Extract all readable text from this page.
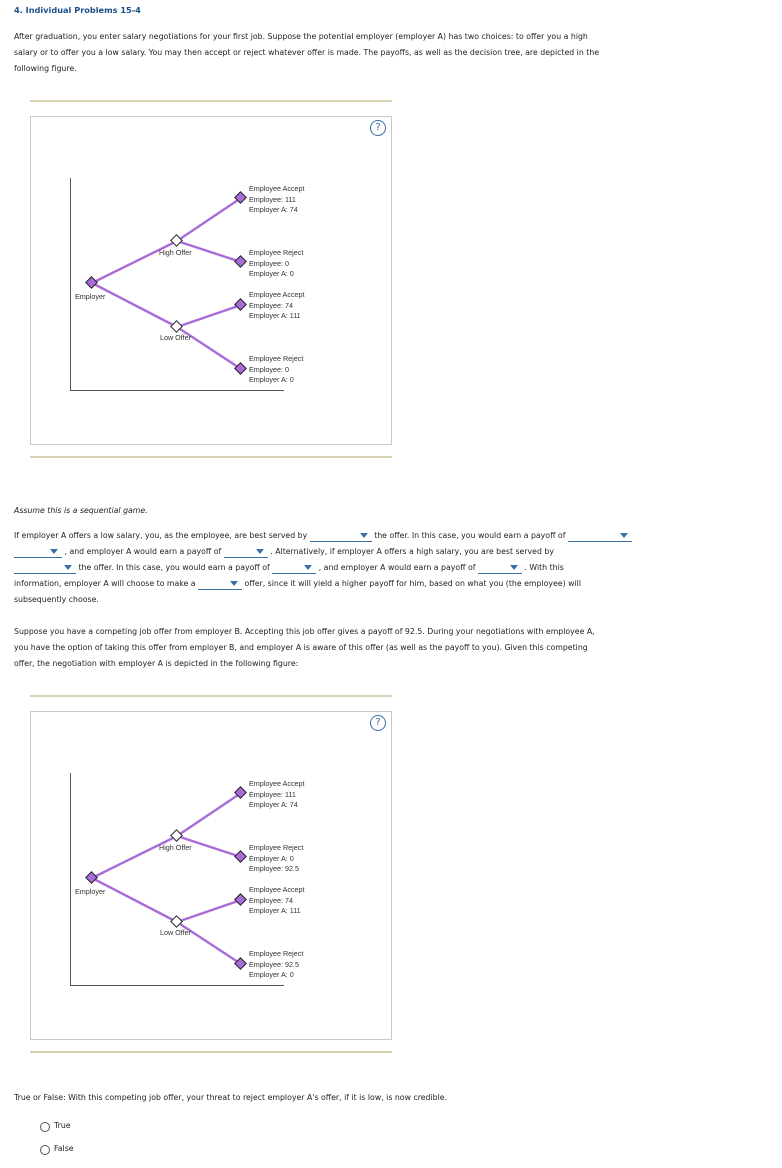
4. Individual Problems 15-4
After graduation, you enter salary negotiations for your first job. Suppose the potential employer (employer A) has two choices: to offer you a high
salary or to offer you a low salary. You may then accept or reject whatever offer is made. The payoffs, as well as the decision tree, are depicted in the
following figure.
?
Employer
High Offer
Low Offer
Employee Accept
Employee: 111
Employer A: 74
Employee Reject
Employee: 0
Employer A: 0
Employee Accept
Employee: 74
Employer A: 111
Employee Reject
Employee: 0
Employer A: 0
Assume this is a sequential game.
If employer A offers a low salary, you, as the employee, are best served by	the offer. In this case, you would earn a payoff of
, and employer A would earn a payoff of	. Alternatively, if employer A offers a high salary, you are best served by
the offer. In this case, you would earn a payoff of	, and employer A would earn a payoff of	. With this
information, employer A will choose to make a	offer, since it will yield a higher payoff for him, based on what you (the employee) will
subsequently choose.
Suppose you have a competing job offer from employer B. Accepting this job offer gives a payoff of 92.5. During your negotiations with employee A,
you have the option of taking this offer from employer B, and employer A is aware of this offer (as well as the payoff to you). Given this competing
offer, the negotiation with employer A is depicted in the following figure:
?
Employer
High Offer
Low Offer
Employee Accept
Employee: 111
Employer A: 74
Employee Reject
Employer A: 0
Employee: 92.5
Employee Accept
Employee: 74
Employer A: 111
Employee Reject
Employee: 92.5
Employer A: 0
True or False: With this competing job offer, your threat to reject employer A's offer, if it is low, is now credible.
True
False
